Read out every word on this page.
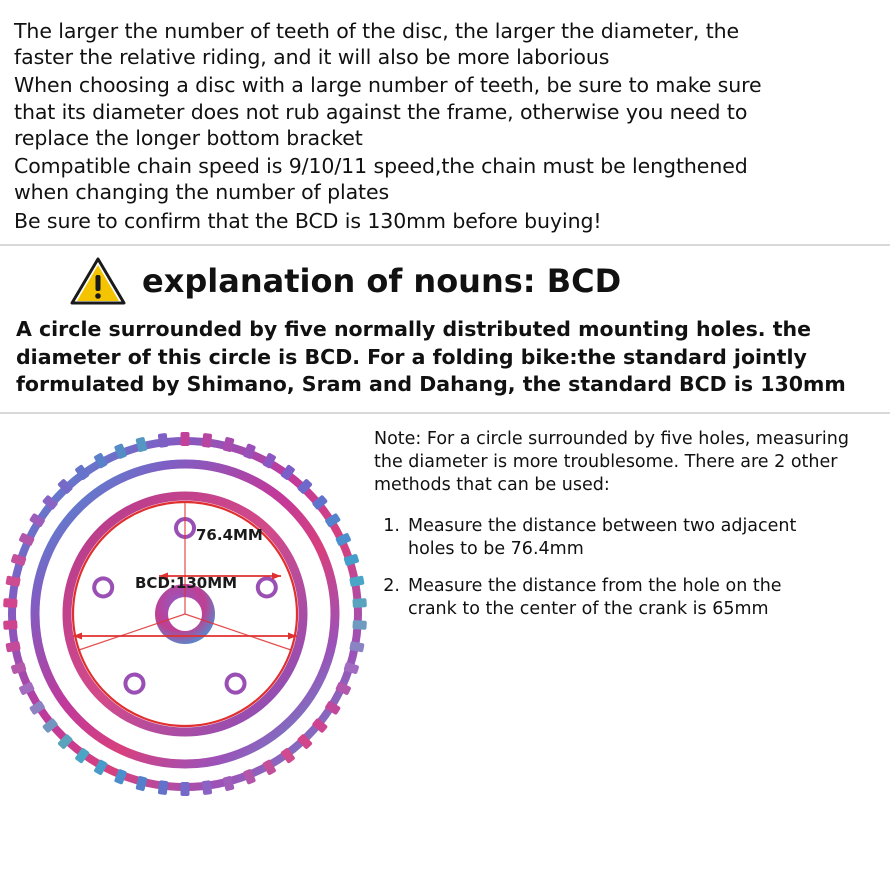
The larger the number of teeth of the disc, the larger the diameter, the
faster the relative riding, and it will also be more laborious

When choosing a disc with a large number of teeth, be sure to make sure
that its diameter does not rub against the frame, otherwise you need to
replace the longer bottom bracket

Compatible chain speed is 9/10/11 speed,the chain must be lengthened
when changing the number of plates

Be sure to confirm that the BCD is 130mm before buying!

explanation of nouns: BCD
A circle surrounded by five normally distributed mounting holes. the
diameter of this circle is BCD. For a folding bike:the standard jointly
formulated by Shimano, Sram and Dahang, the standard BCD is 130mm
76.4MM
BCD:130MM
Note: For a circle surrounded by five holes, measuring
the diameter is more troublesome. There are 2 other
methods that can be used:
1. Measure the distance between two adjacent
holes to be 76.4mm
2. Measure the distance from the hole on the
crank to the center of the crank is 65mm
